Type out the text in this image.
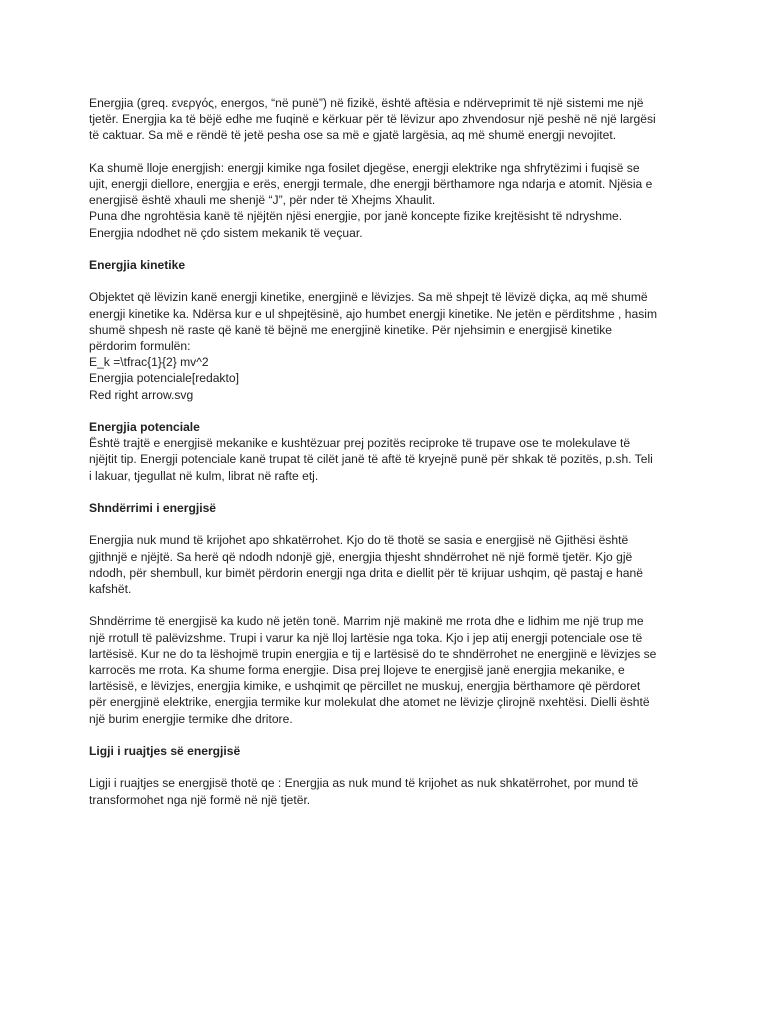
Energjia (greq. ενεργός, energos, “në punë”) në fizikë, është aftësia e ndërveprimit të një sistemi me një
tjetër. Energjia ka të bëjë edhe me fuqinë e kërkuar për të lëvizur apo zhvendosur një peshë në një largësi
të caktuar. Sa më e rëndë të jetë pesha ose sa më e gjatë largësia, aq më shumë energji nevojitet.

Ka shumë lloje energjish: energji kimike nga fosilet djegëse, energji elektrike nga shfrytëzimi i fuqisë se
ujit, energji diellore, energjia e erës, energji termale, dhe energji bërthamore nga ndarja e atomit. Njësia e
energjisë është xhauli me shenjë “J”, për nder të Xhejms Xhaulit.
Puna dhe ngrohtësia kanë të njëjtën njësi energjie, por janë koncepte fizike krejtësisht të ndryshme.
Energjia ndodhet në çdo sistem mekanik të veçuar.

Energjia kinetike

Objektet që lëvizin kanë energji kinetike, energjinë e lëvizjes. Sa më shpejt të lëvizë diçka, aq më shumë
energji kinetike ka. Ndërsa kur e ul shpejtësinë, ajo humbet energji kinetike. Ne jetën e përditshme , hasim
shumë shpesh në raste që kanë të bëjnë me energjinë kinetike. Për njehsimin e energjisë kinetike
përdorim formulën:
E_k =\tfrac{1}{2} mv^2
Energjia potenciale[redakto]
Red right arrow.svg

Energjia potenciale

Është trajtë e energjisë mekanike e kushtëzuar prej pozitës reciproke të trupave ose te molekulave të
njëjtit tip. Energji potenciale kanë trupat të cilët janë të aftë të kryejnë punë për shkak të pozitës, p.sh. Teli
i lakuar, tjegullat në kulm, librat në rafte etj.

Shndërrimi i energjisë

Energjia nuk mund të krijohet apo shkatërrohet. Kjo do të thotë se sasia e energjisë në Gjithësi është
gjithnjë e njëjtë. Sa herë që ndodh ndonjë gjë, energjia thjesht shndërrohet në një formë tjetër. Kjo gjë
ndodh, për shembull, kur bimët përdorin energji nga drita e diellit për të krijuar ushqim, që pastaj e hanë
kafshët.

Shndërrime të energjisë ka kudo në jetën tonë. Marrim një makinë me rrota dhe e lidhim me një trup me
një rrotull të palëvizshme. Trupi i varur ka një lloj lartësie nga toka. Kjo i jep atij energji potenciale ose të
lartësisë. Kur ne do ta lëshojmë trupin energjia e tij e lartësisë do te shndërrohet ne energjinë e lëvizjes se
karrocës me rrota. Ka shume forma energjie. Disa prej llojeve te energjisë janë energjia mekanike, e
lartësisë, e lëvizjes, energjia kimike, e ushqimit qe përcillet ne muskuj, energjia bërthamore që përdoret
për energjinë elektrike, energjia termike kur molekulat dhe atomet ne lëvizje çlirojnë nxehtësi. Dielli është
një burim energjie termike dhe dritore.

Ligji i ruajtjes së energjisë

Ligji i ruajtjes se energjisë thotë qe : Energjia as nuk mund të krijohet as nuk shkatërrohet, por mund të
transformohet nga një formë në një tjetër.
